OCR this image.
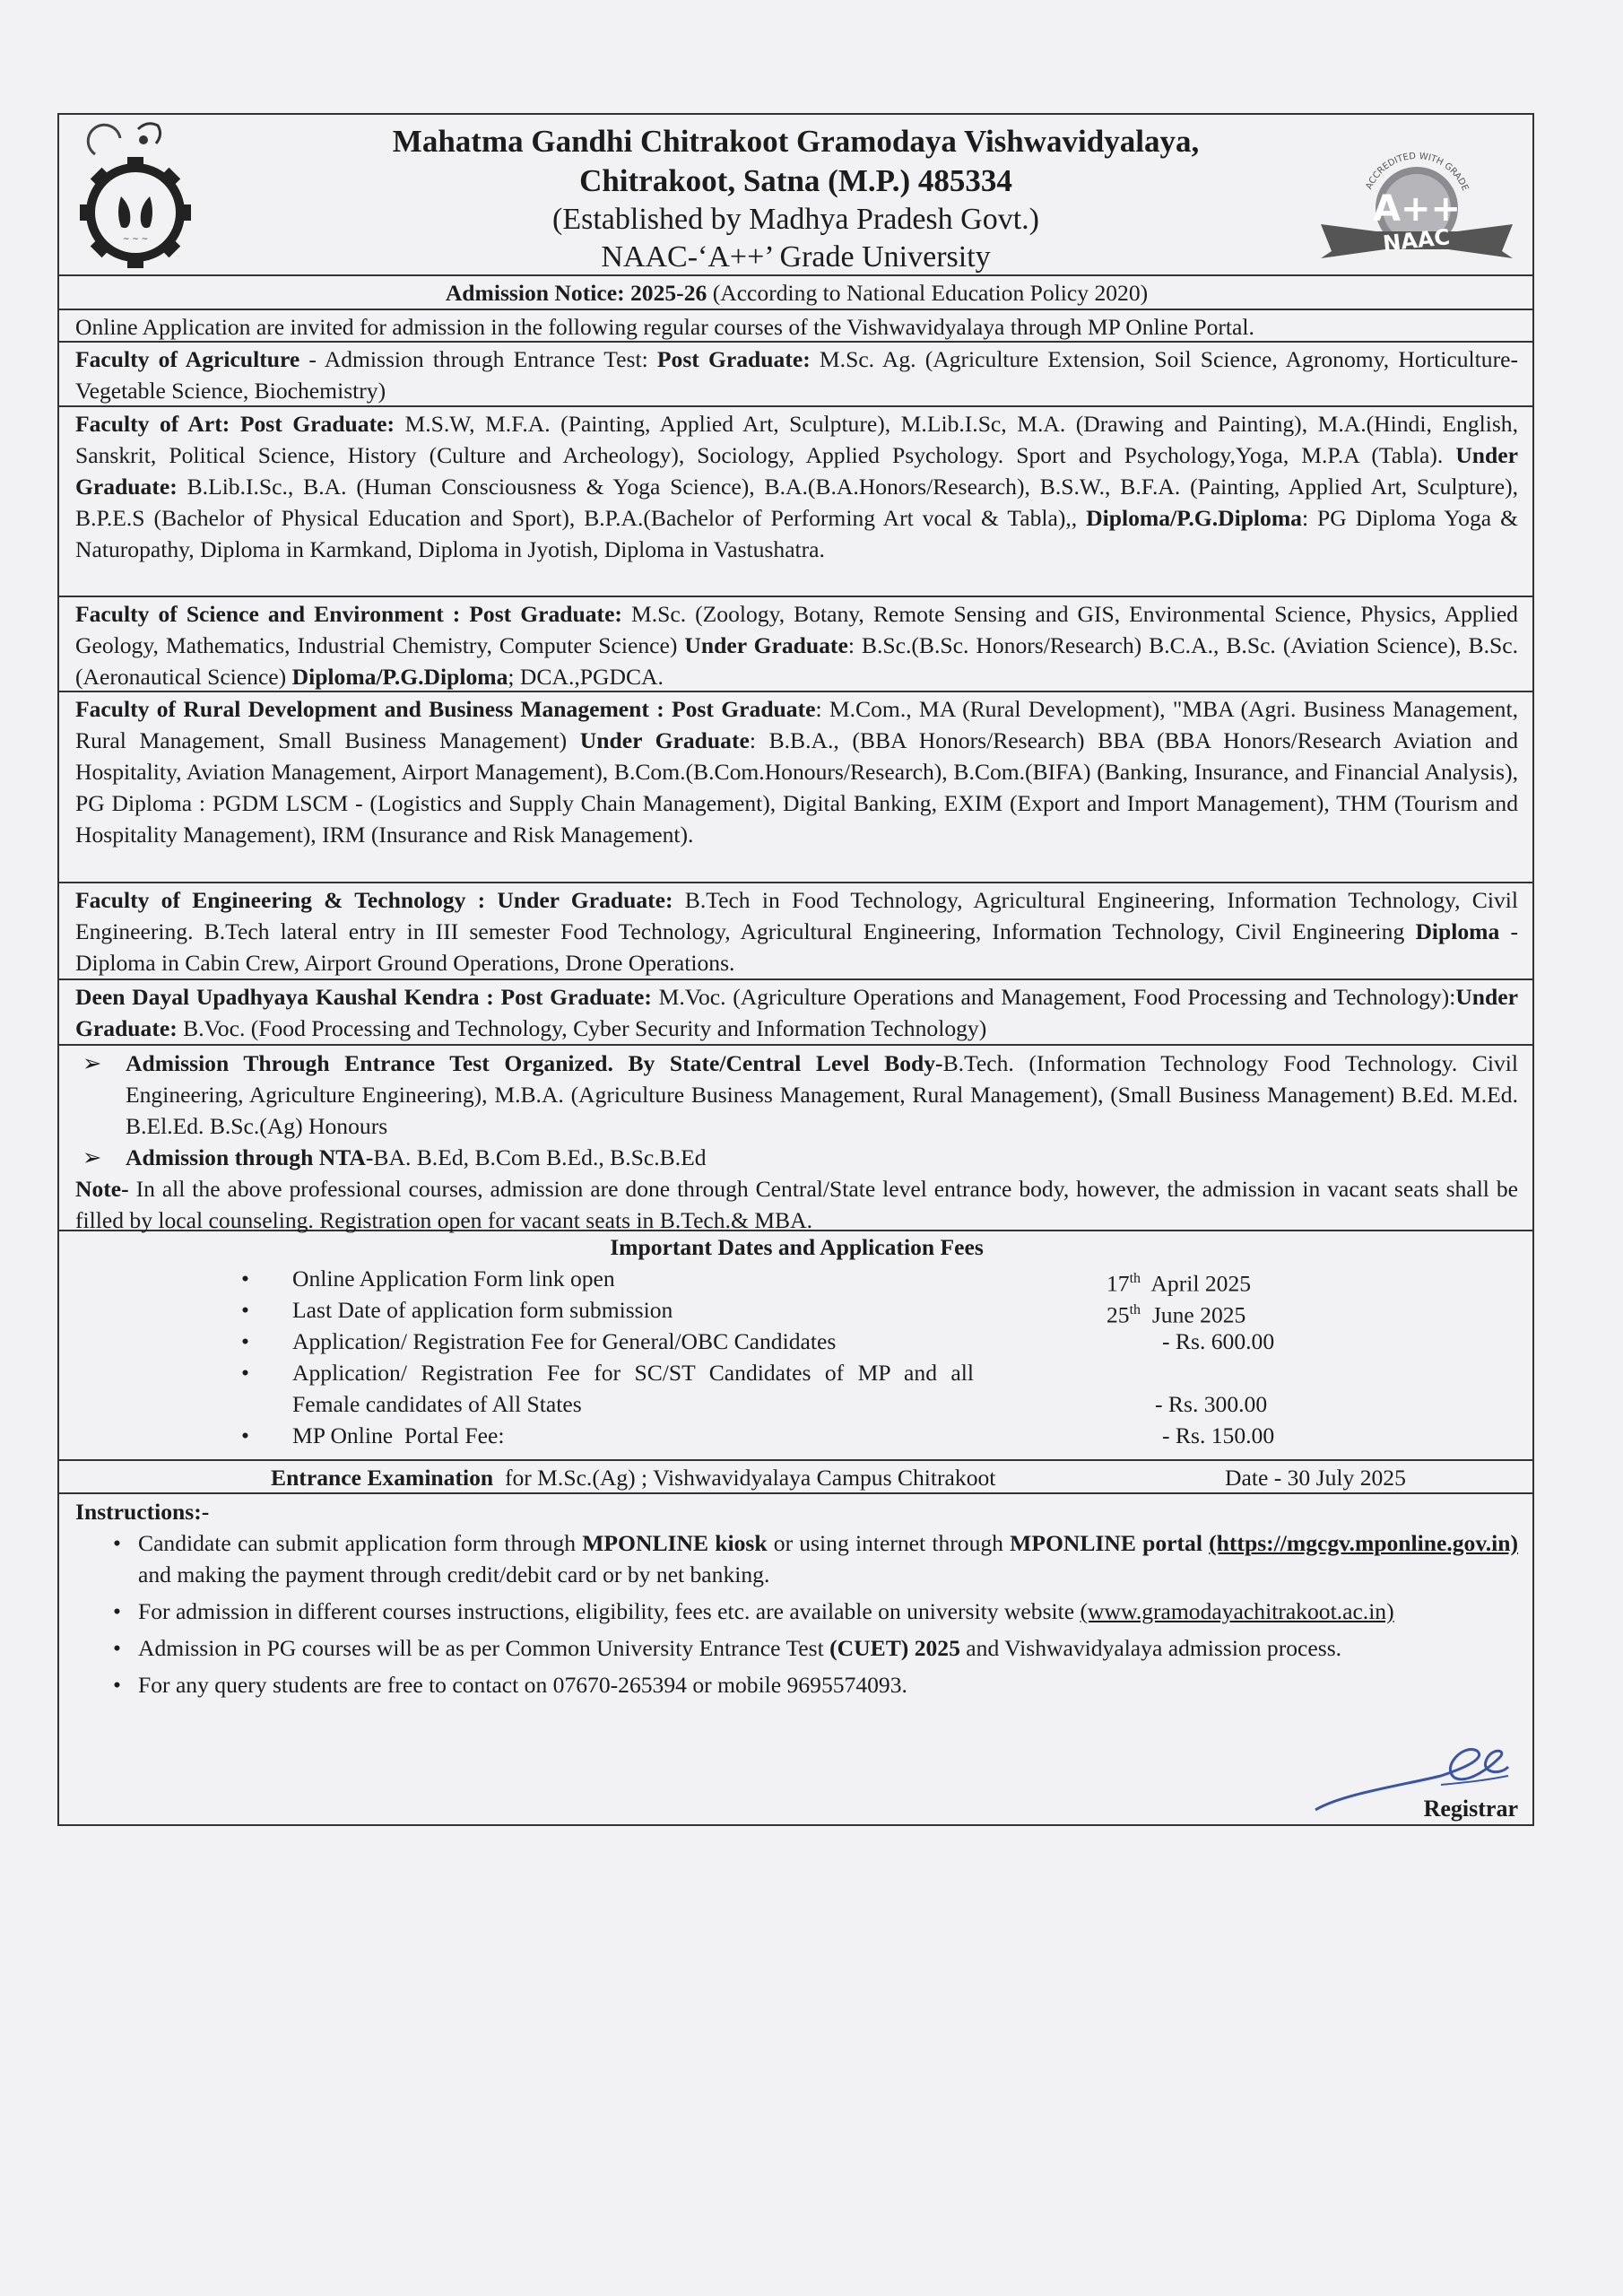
~ ~ ~
Mahatma Gandhi Chitrakoot Gramodaya Vishwavidyalaya,
Chitrakoot, Satna (M.P.) 485334
(Established by Madhya Pradesh Govt.)
NAAC-‘A++’ Grade University
ACCREDITED WITH GRADE
A++
NAAC
Admission Notice: 2025-26 (According to National Education Policy 2020)
Online Application are invited for admission in the following regular courses of the Vishwavidyalaya through MP Online Portal.
Faculty of Agriculture - Admission through Entrance Test: Post Graduate: M.Sc. Ag. (Agriculture Extension, Soil Science, Agronomy, Horticulture-Vegetable Science, Biochemistry)
Faculty of Art: Post Graduate: M.S.W, M.F.A. (Painting, Applied Art, Sculpture), M.Lib.I.Sc, M.A. (Drawing and Painting), M.A.(Hindi, English, Sanskrit, Political Science, History (Culture and Archeology), Sociology, Applied Psychology. Sport and Psychology,Yoga, M.P.A (Tabla). Under Graduate: B.Lib.I.Sc., B.A. (Human Consciousness & Yoga Science), B.A.(B.A.Honors/Research), B.S.W., B.F.A. (Painting, Applied Art, Sculpture), B.P.E.S (Bachelor of Physical Education and Sport), B.P.A.(Bachelor of Performing Art vocal & Tabla),, Diploma/P.G.Diploma: PG Diploma Yoga & Naturopathy, Diploma in Karmkand, Diploma in Jyotish, Diploma in Vastushatra.
Faculty of Science and Environment : Post Graduate: M.Sc. (Zoology, Botany, Remote Sensing and GIS, Environmental Science, Physics, Applied Geology, Mathematics, Industrial Chemistry, Computer Science) Under Graduate: B.Sc.(B.Sc. Honors/Research) B.C.A., B.Sc. (Aviation Science), B.Sc. (Aeronautical Science) Diploma/P.G.Diploma; DCA.,PGDCA.
Faculty of Rural Development and Business Management : Post Graduate: M.Com., MA (Rural Development), "MBA (Agri. Business Management, Rural Management, Small Business Management) Under Graduate: B.B.A., (BBA Honors/Research) BBA (BBA Honors/Research Aviation and Hospitality, Aviation Management, Airport Management), B.Com.(B.Com.Honours/Research), B.Com.(BIFA) (Banking, Insurance, and Financial Analysis), PG Diploma : PGDM LSCM - (Logistics and Supply Chain Management), Digital Banking, EXIM (Export and Import Management), THM (Tourism and Hospitality Management), IRM (Insurance and Risk Management).
Faculty of Engineering & Technology : Under Graduate: B.Tech in Food Technology, Agricultural Engineering, Information Technology, Civil Engineering. B.Tech lateral entry in III semester Food Technology, Agricultural Engineering, Information Technology, Civil Engineering Diploma - Diploma in Cabin Crew, Airport Ground Operations, Drone Operations.
Deen Dayal Upadhyaya Kaushal Kendra : Post Graduate: M.Voc. (Agriculture Operations and Management, Food Processing and Technology):Under Graduate: B.Voc. (Food Processing and Technology, Cyber Security and Information Technology)
➢ Admission Through Entrance Test Organized. By State/Central Level Body-B.Tech. (Information Technology Food Technology. Civil Engineering, Agriculture Engineering), M.B.A. (Agriculture Business Management, Rural Management), (Small Business Management) B.Ed. M.Ed. B.El.Ed. B.Sc.(Ag) Honours
➢ Admission through NTA-BA. B.Ed, B.Com B.Ed., B.Sc.B.Ed
Note- In all the above professional courses, admission are done through Central/State level entrance body, however, the admission in vacant seats shall be filled by local counseling. Registration open for vacant seats in B.Tech.& MBA.
Important Dates and Application Fees
• Online Application Form link open	17th  April 2025
• Last Date of application form submission	25th  June 2025
• Application/ Registration Fee for General/OBC Candidates	- Rs. 600.00
• Application/ Registration Fee for SC/ST Candidates of MP and all Female candidates of All States	- Rs. 300.00
• MP Online  Portal Fee:	- Rs. 150.00
Entrance Examination  for M.Sc.(Ag) ; Vishwavidyalaya Campus Chitrakoot	Date - 30 July 2025
Instructions:-
• Candidate can submit application form through MPONLINE kiosk or using internet through MPONLINE portal (https://mgcgv.mponline.gov.in) and making the payment through credit/debit card or by net banking.
• For admission in different courses instructions, eligibility, fees etc. are available on university website (www.gramodayachitrakoot.ac.in)
• Admission in PG courses will be as per Common University Entrance Test (CUET) 2025 and Vishwavidyalaya admission process.
• For any query students are free to contact on 07670-265394 or mobile 9695574093.
Registrar
